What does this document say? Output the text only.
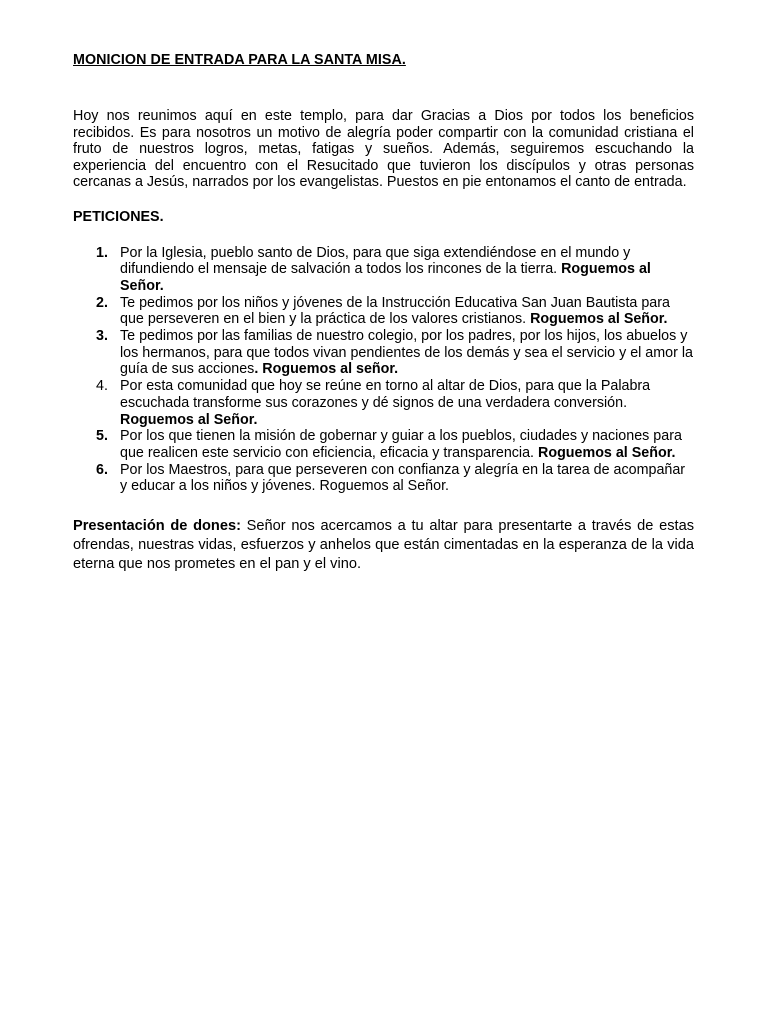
MONICION DE ENTRADA PARA LA SANTA MISA.

Hoy nos reunimos aquí en este templo, para dar Gracias a Dios por todos los beneficios recibidos. Es para nosotros un motivo de alegría poder compartir con la comunidad cristiana el fruto de nuestros logros, metas, fatigas y sueños. Además, seguiremos escuchando la experiencia del encuentro con el Resucitado que tuvieron los discípulos y otras personas cercanas a Jesús, narrados por los evangelistas. Puestos en pie entonamos el canto de entrada.

PETICIONES.

1. Por la Iglesia, pueblo santo de Dios, para que siga extendiéndose en el mundo y difundiendo el mensaje de salvación a todos los rincones de la tierra. Roguemos al Señor.
2. Te pedimos por los niños y jóvenes de la Instrucción Educativa San Juan Bautista para que perseveren en el bien y la práctica de los valores cristianos. Roguemos al Señor.
3. Te pedimos por las familias de nuestro colegio, por los padres, por los hijos, los abuelos y los hermanos, para que todos vivan pendientes de los demás y sea el servicio y el amor la guía de sus acciones. Roguemos al señor.
4. Por esta comunidad que hoy se reúne en torno al altar de Dios, para que la Palabra escuchada transforme sus corazones y dé signos de una verdadera conversión. Roguemos al Señor.
5. Por los que tienen la misión de gobernar y guiar a los pueblos, ciudades y naciones para que realicen este servicio con eficiencia, eficacia y transparencia. Roguemos al Señor.
6. Por los Maestros, para que perseveren con confianza y alegría en la tarea de acompañar y educar a los niños y jóvenes. Roguemos al Señor.

Presentación de dones: Señor nos acercamos a tu altar para presentarte a través de estas ofrendas, nuestras vidas, esfuerzos y anhelos que están cimentadas en la esperanza de la vida eterna que nos prometes en el pan y el vino.
